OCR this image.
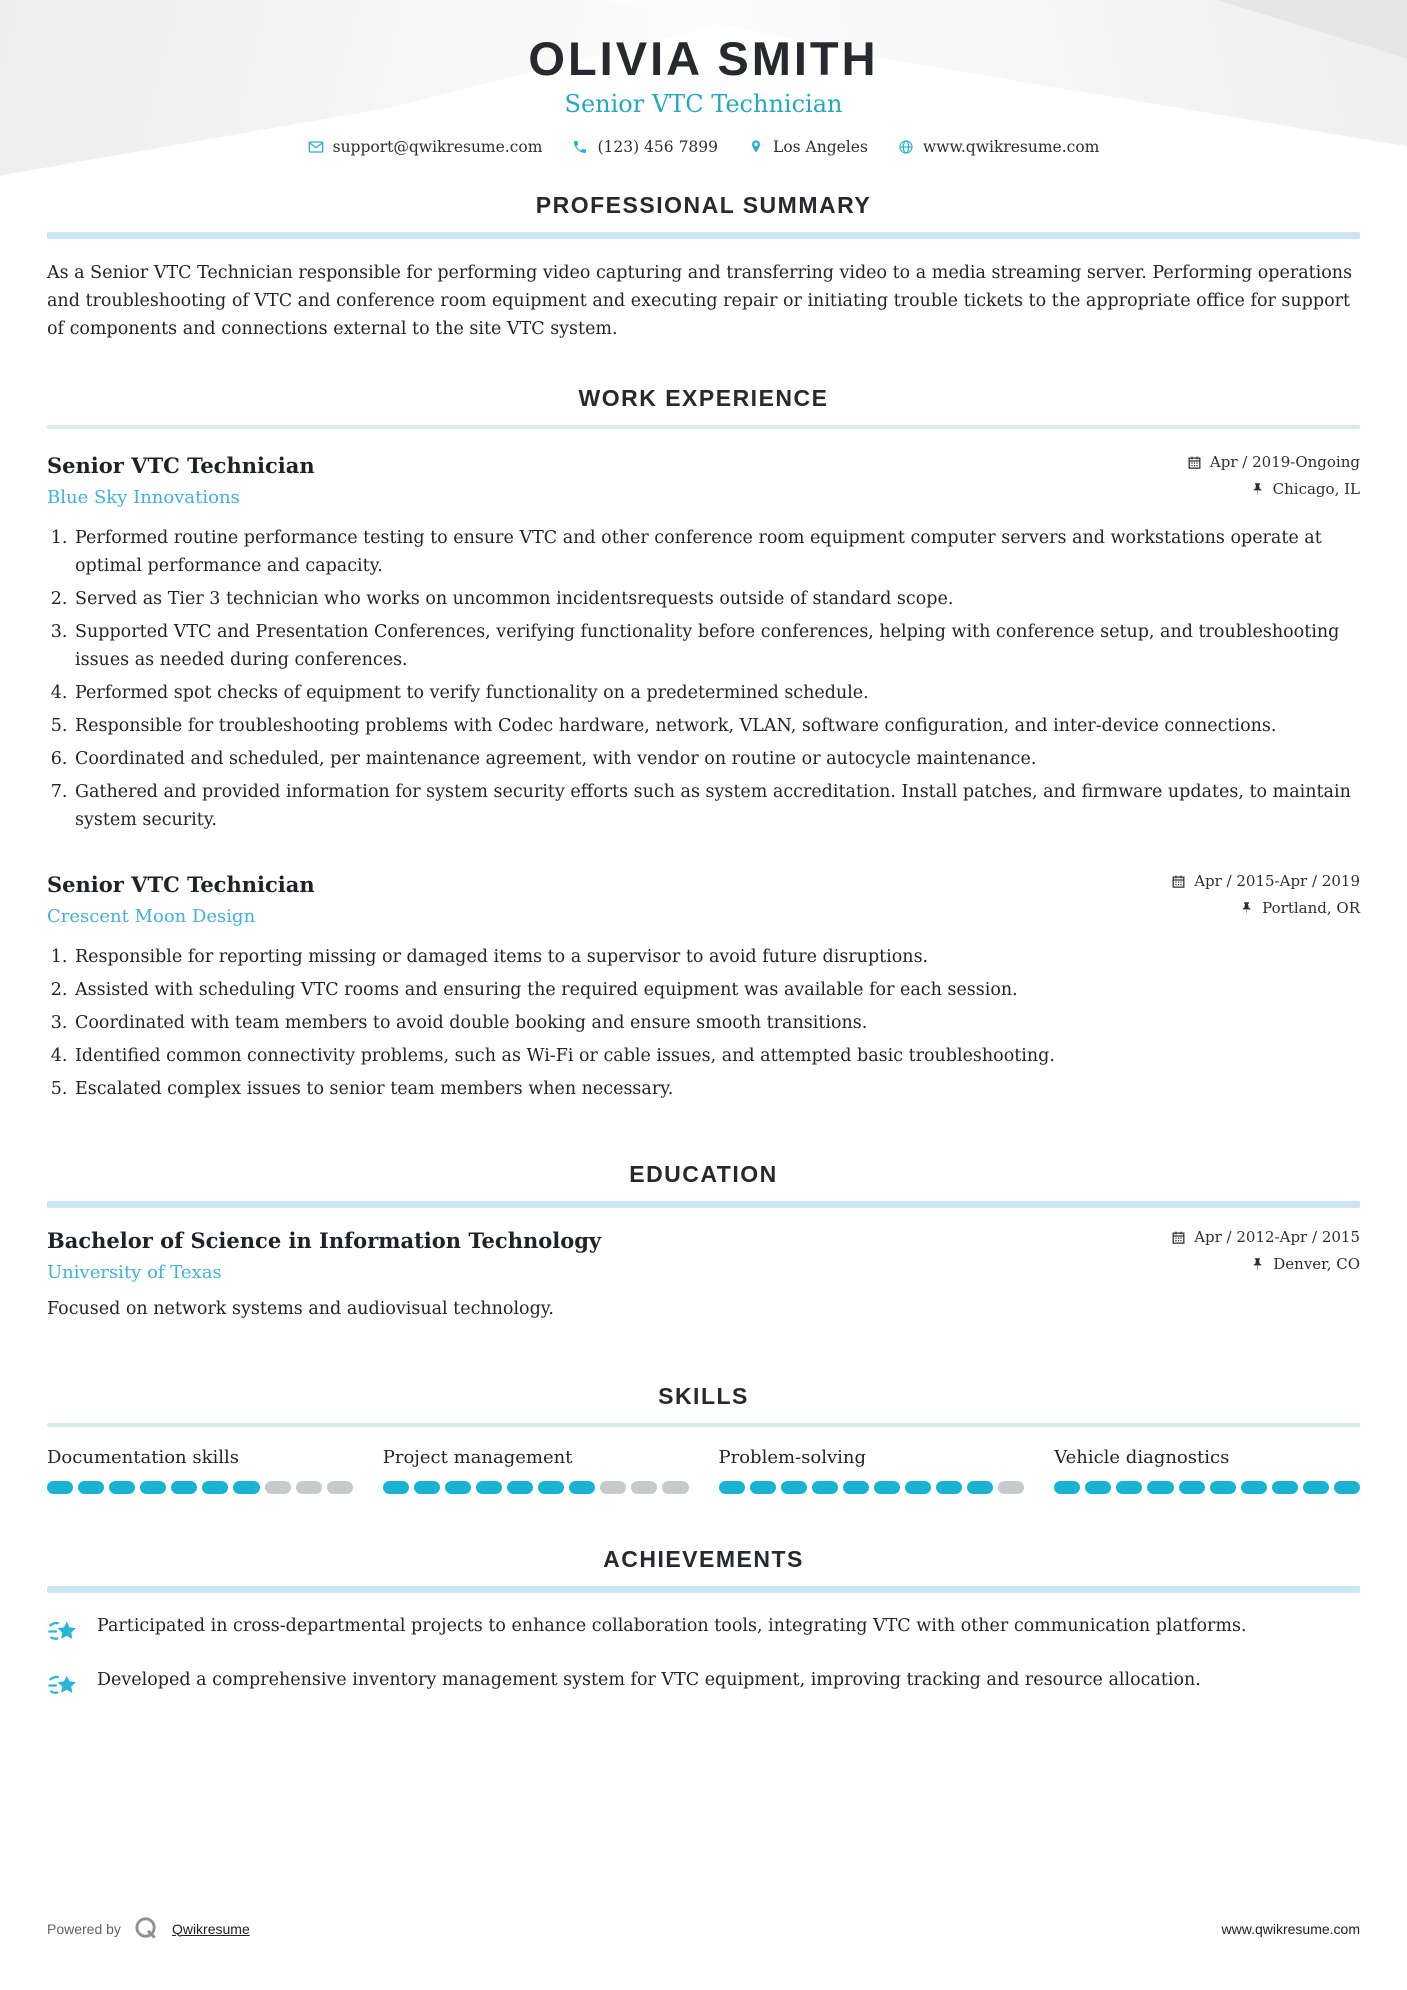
OLIVIA SMITH
Senior VTC Technician
support@qwikresume.com	(123) 456 7899	Los Angeles	www.qwikresume.com
PROFESSIONAL SUMMARY

As a Senior VTC Technician responsible for performing video capturing and transferring video to a media streaming server. Performing operations and troubleshooting of VTC and conference room equipment and executing repair or initiating trouble tickets to the appropriate office for support of components and connections external to the site VTC system.

WORK EXPERIENCE
Senior VTC Technician
Blue Sky Innovations
Apr / 2019-Ongoing
Chicago, IL
1. Performed routine performance testing to ensure VTC and other conference room equipment computer servers and workstations operate at optimal performance and capacity.
2. Served as Tier 3 technician who works on uncommon incidentsrequests outside of standard scope.
3. Supported VTC and Presentation Conferences, verifying functionality before conferences, helping with conference setup, and troubleshooting issues as needed during conferences.
4. Performed spot checks of equipment to verify functionality on a predetermined schedule.
5. Responsible for troubleshooting problems with Codec hardware, network, VLAN, software configuration, and inter-device connections.
6. Coordinated and scheduled, per maintenance agreement, with vendor on routine or autocycle maintenance.
7. Gathered and provided information for system security efforts such as system accreditation. Install patches, and firmware updates, to maintain system security.
Senior VTC Technician
Crescent Moon Design
Apr / 2015-Apr / 2019
Portland, OR
1. Responsible for reporting missing or damaged items to a supervisor to avoid future disruptions.
2. Assisted with scheduling VTC rooms and ensuring the required equipment was available for each session.
3. Coordinated with team members to avoid double booking and ensure smooth transitions.
4. Identified common connectivity problems, such as Wi-Fi or cable issues, and attempted basic troubleshooting.
5. Escalated complex issues to senior team members when necessary.
EDUCATION
Bachelor of Science in Information Technology
University of Texas
Apr / 2012-Apr / 2015
Denver, CO
Focused on network systems and audiovisual technology.
SKILLS
Documentation skills	Project management	Problem-solving	Vehicle diagnostics
ACHIEVEMENTS
Participated in cross-departmental projects to enhance collaboration tools, integrating VTC with other communication platforms.
Developed a comprehensive inventory management system for VTC equipment, improving tracking and resource allocation.
Powered by	Qwikresume	www.qwikresume.com
